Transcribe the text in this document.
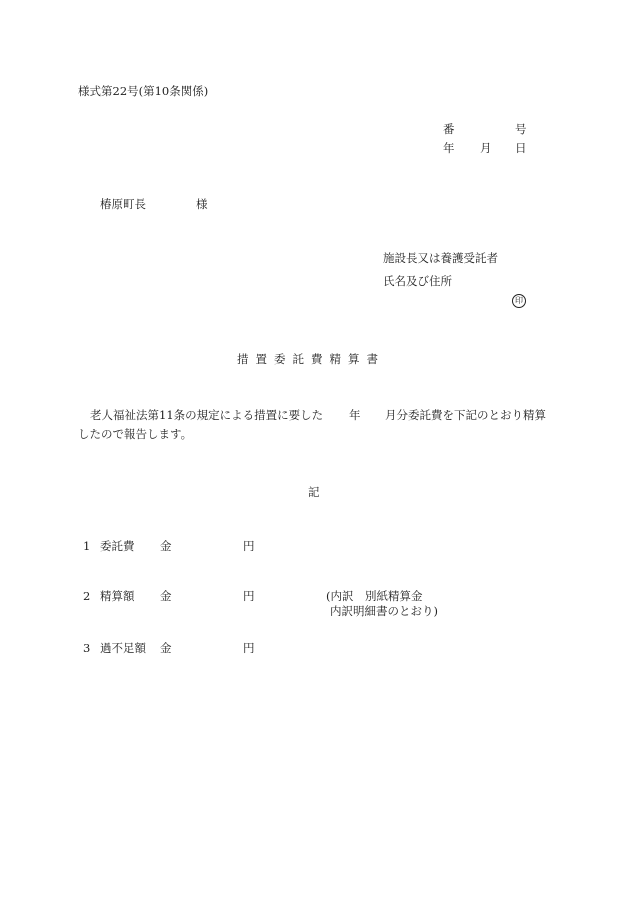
様式第22号(第10条関係)
番	号
年 月 日
椿原町長	様
施設長又は養護受託者
氏名及び住所
印
措置委託費精算書
老人福祉法第11条の規定による措置に要した 年 月分委託費を下記のとおり精算
したので報告します。
記
1 委託費 金	円
2 精算額 金	円	(内訳　別紙精算金
内訳明細書のとおり)
3 過不足額 金	円
